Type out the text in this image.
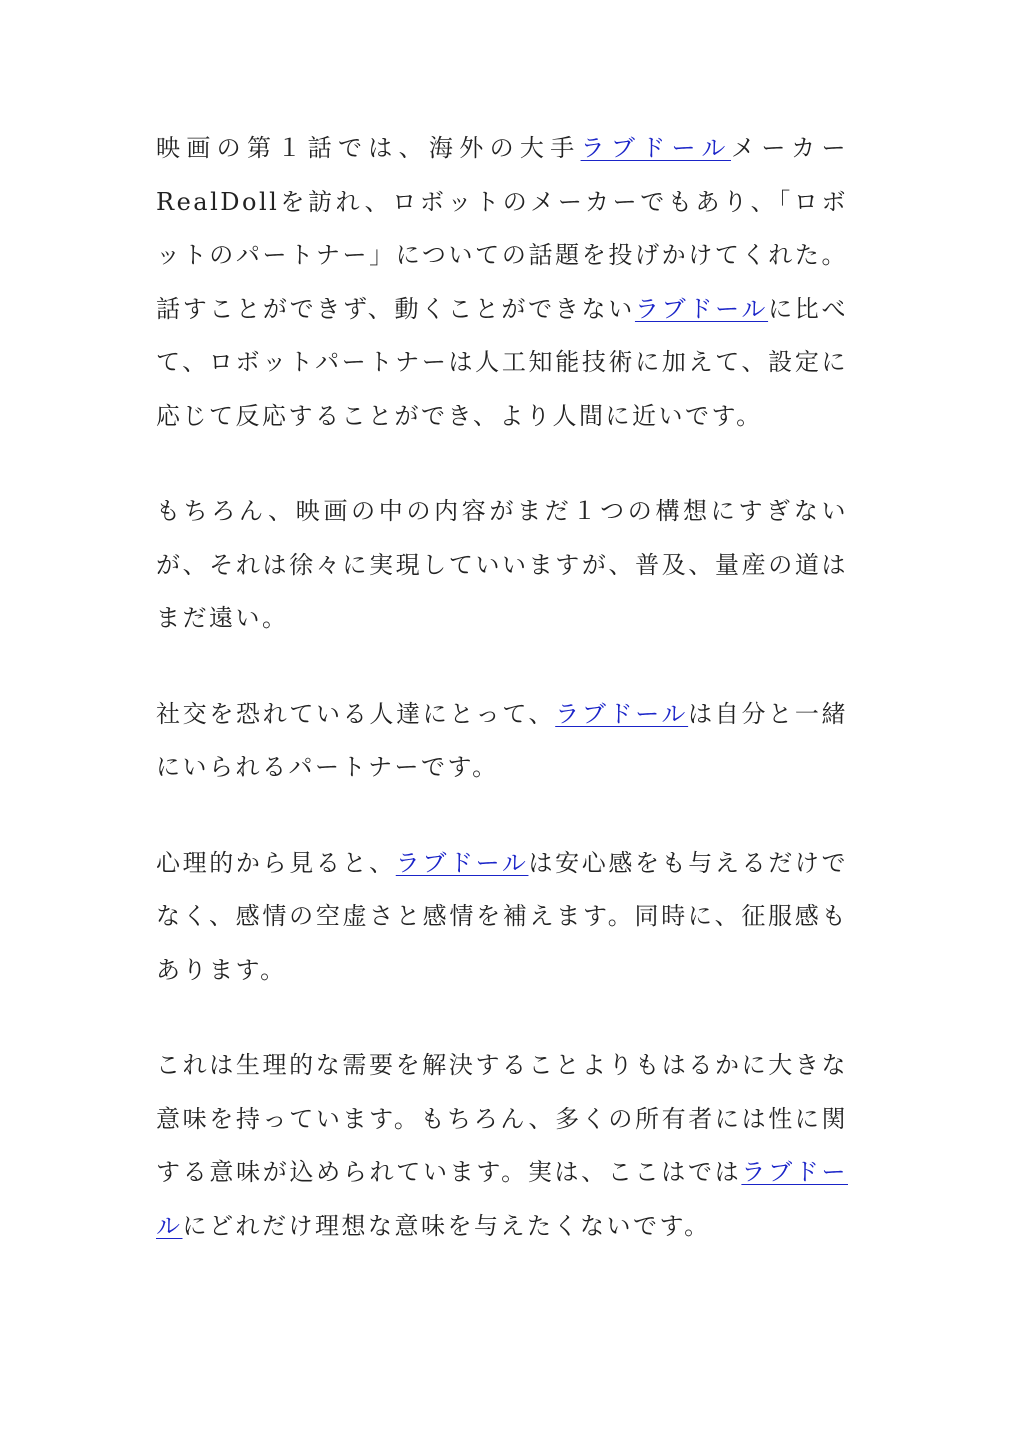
映画の第１話では、海外の大手ラブドールメーカーRealDollを訪れ、ロボットのメーカーでもあり、「ロボットのパートナー」についての話題を投げかけてくれた。話すことができず、動くことができないラブドールに比べて、ロボットパートナーは人工知能技術に加えて、設定に応じて反応することができ、より人間に近いです。

もちろん、映画の中の内容がまだ１つの構想にすぎないが、それは徐々に実現していいますが、普及、量産の道はまだ遠い。

社交を恐れている人達にとって、ラブドールは自分と一緒にいられるパートナーです。

心理的から見ると、ラブドールは安心感をも与えるだけでなく、感情の空虚さと感情を補えます。同時に、征服感もあります。

これは生理的な需要を解決することよりもはるかに大きな意味を持っています。もちろん、多くの所有者には性に関する意味が込められています。実は、ここはではラブドールにどれだけ理想な意味を与えたくないです。
